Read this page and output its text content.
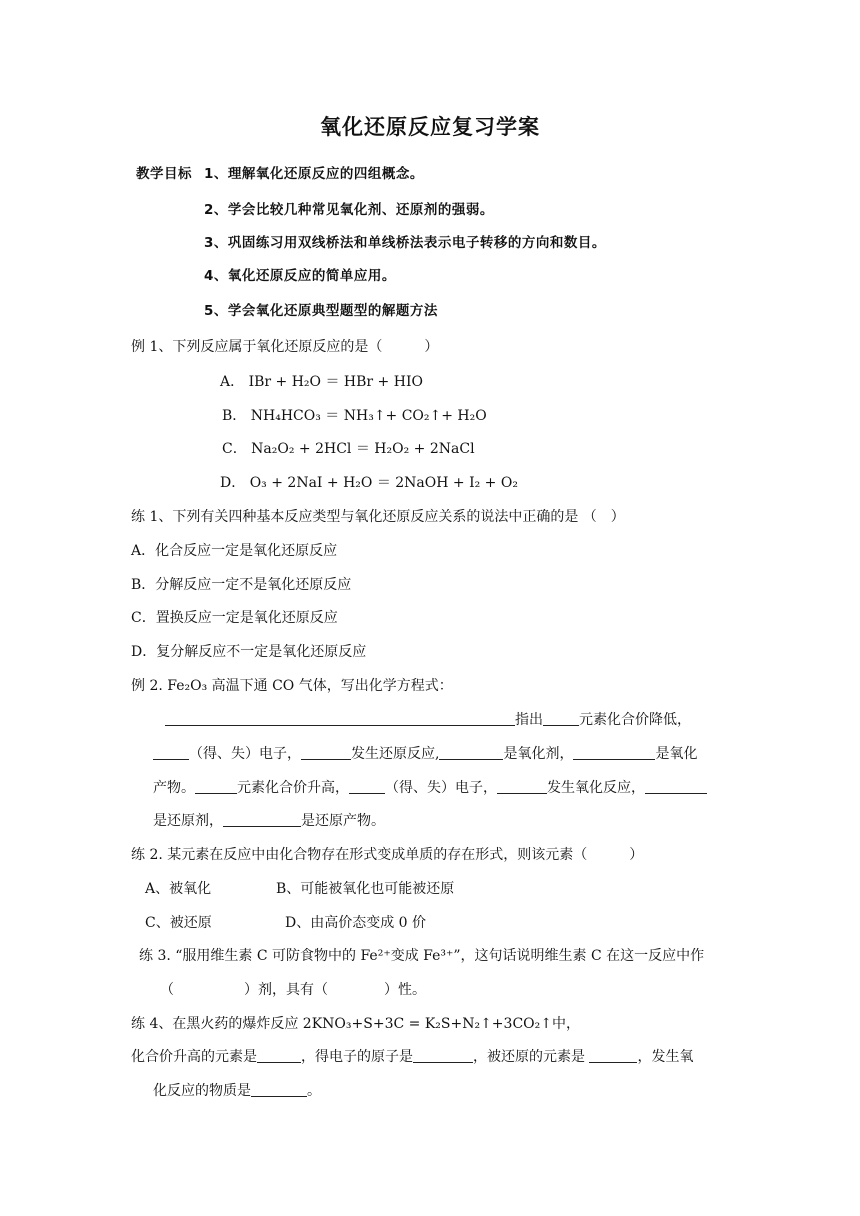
氧化还原反应复习学案
教学目标 1、理解氧化还原反应的四组概念。
2、学会比较几种常见氧化剂、还原剂的强弱。
3、巩固练习用双线桥法和单线桥法表示电子转移的方向和数目。
4、氧化还原反应的简单应用。
5、学会氧化还原典型题型的解题方法
例 1、下列反应属于氧化还原反应的是（　　　）
A． ⅠBr + H₂O ＝ HBr + HⅠO
B． NH₄HCO₃ ＝ NH₃↑+ CO₂↑+ H₂O
C． Na₂O₂ + 2HCl ＝ H₂O₂ + 2NaCl
D． O₃ + 2NaⅠ + H₂O ＝ 2NaOH + Ⅰ₂ + O₂
练 1、下列有关四种基本反应类型与氧化还原反应关系的说法中正确的是 （　）
A．化合反应一定是氧化还原反应
B．分解反应一定不是氧化还原反应
C．置换反应一定是氧化还原反应
D．复分解反应不一定是氧化还原反应
例 2. Fe₂O₃ 高温下通 CO 气体，写出化学方程式：
指出	元素化合价降低，
（得、失）电子，	发生还原反应,	是氧化剂，	是氧化
产物。	元素化合价升高，	（得、失）电子，	发生氧化反应，
是还原剂，	是还原产物。
练 2. 某元素在反应中由化合物存在形式变成单质的存在形式，则该元素（　　　）
A、被氧化	B、可能被氧化也可能被还原
C、被还原	D、由高价态变成 0 价
练 3. “服用维生素 C 可防食物中的 Fe²⁺变成 Fe³⁺”，这句话说明维生素 C 在这一反应中作
（　　　　　）剂，具有（　　　　）性。
练 4、在黑火药的爆炸反应 2KNO₃+S+3C = K₂S+N₂↑+3CO₂↑中，
化合价升高的元素是	，得电子的原子是	，被还原的元素是	，发生氧
化反应的物质是	。
